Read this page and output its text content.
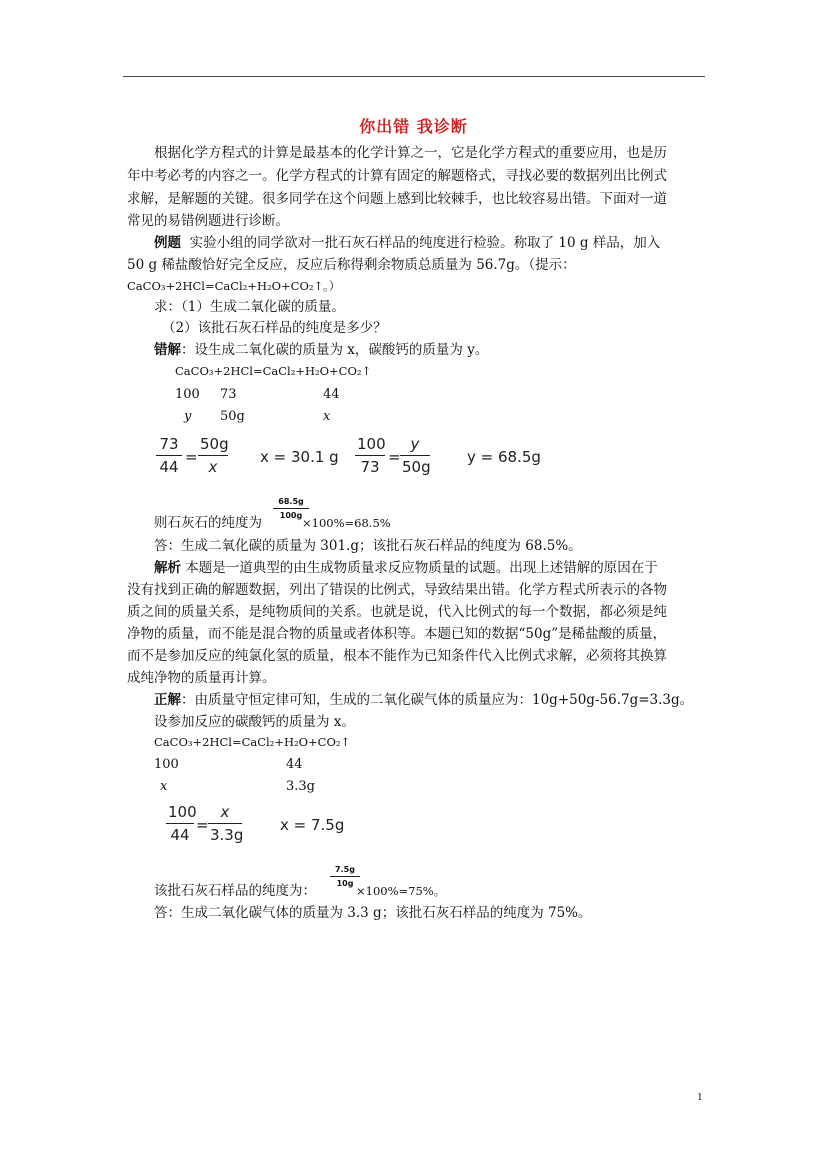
你出错 我诊断
根据化学方程式的计算是最基本的化学计算之一，它是化学方程式的重要应用，也是历
年中考必考的内容之一。化学方程式的计算有固定的解题格式，寻找必要的数据列出比例式
求解，是解题的关键。很多同学在这个问题上感到比较棘手，也比较容易出错。下面对一道
常见的易错例题进行诊断。
例题 实验小组的同学欲对一批石灰石样品的纯度进行检验。称取了 10 g 样品，加入
50 g 稀盐酸恰好完全反应，反应后称得剩余物质总质量为 56.7g。（提示：
CaCO₃+2HCl=CaCl₂+H₂O+CO₂↑。）
求：（1）生成二氧化碳的质量。
（2）该批石灰石样品的纯度是多少？
错解：设生成二氧化碳的质量为 x，碳酸钙的质量为 y。
CaCO₃+2HCl=CaCl₂+H₂O+CO₂↑
100 73	44
y 50g	x
73
44
=
50g
x
x = 30.1 g
100
73
=
y
50g
y = 68.5g
68.5g
100g
则石灰石的纯度为	×100%=68.5%
答：生成二氧化碳的质量为 301.g；该批石灰石样品的纯度为 68.5%。
解析 本题是一道典型的由生成物质量求反应物质量的试题。出现上述错解的原因在于
没有找到正确的解题数据，列出了错误的比例式，导致结果出错。化学方程式所表示的各物
质之间的质量关系，是纯物质间的关系。也就是说，代入比例式的每一个数据，都必须是纯
净物的质量，而不能是混合物的质量或者体积等。本题已知的数据“50g”是稀盐酸的质量，
而不是参加反应的纯氯化氢的质量，根本不能作为已知条件代入比例式求解，必须将其换算
成纯净物的质量再计算。
正解：由质量守恒定律可知，生成的二氧化碳气体的质量应为：10g+50g-56.7g=3.3g。
设参加反应的碳酸钙的质量为 x。
CaCO₃+2HCl=CaCl₂+H₂O+CO₂↑
100	44
x	3.3g
100
44
=
x
3.3g
x = 7.5g
7.5g
10g
该批石灰石样品的纯度为：	×100%=75%。
答：生成二氧化碳气体的质量为 3.3 g；该批石灰石样品的纯度为 75%。
1
